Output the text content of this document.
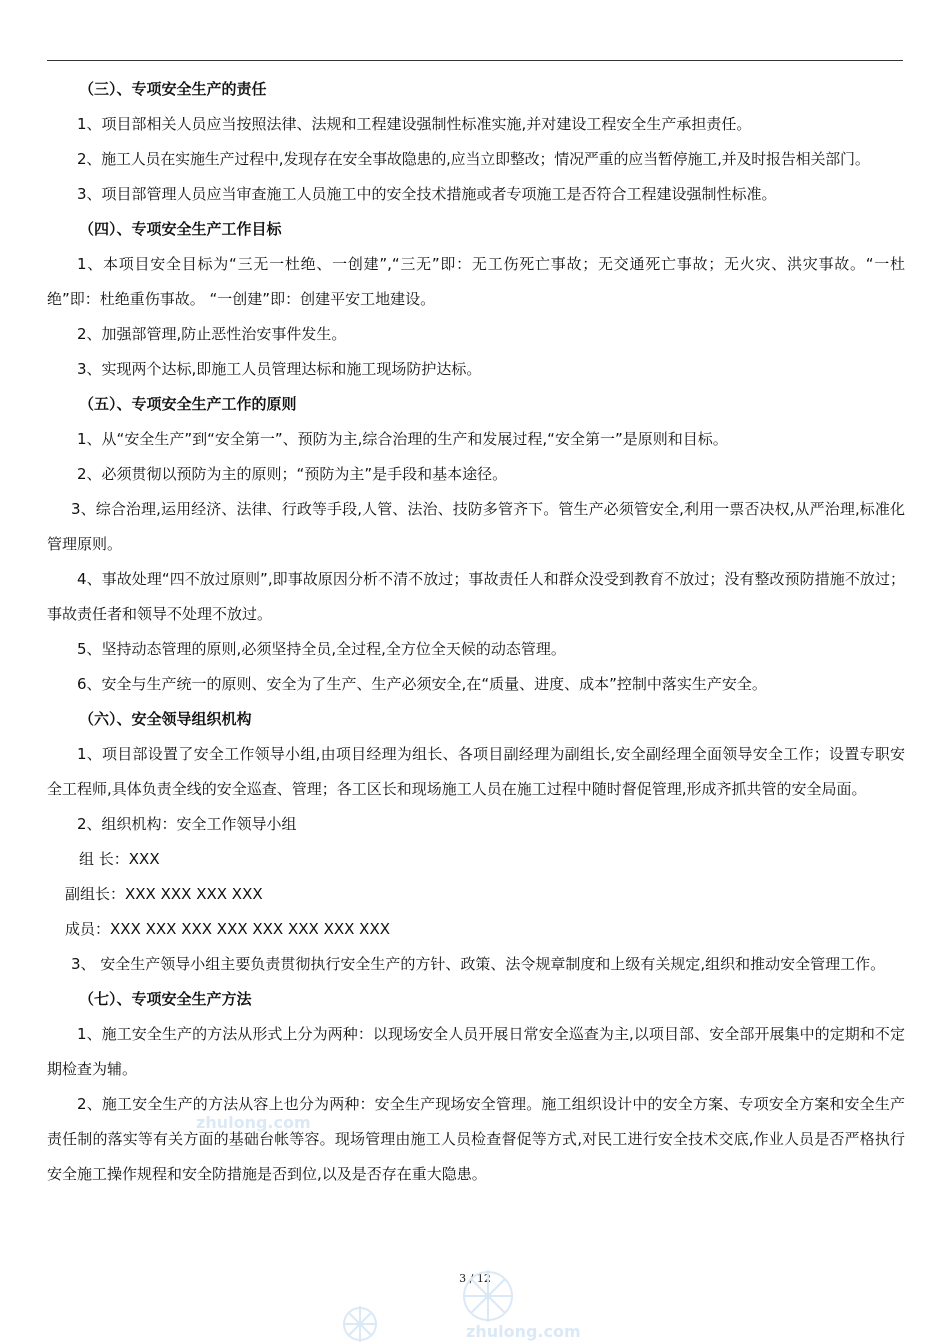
（三）、专项安全生产的责任

1、项目部相关人员应当按照法律、法规和工程建设强制性标准实施,并对建设工程安全生产承担责任。

2、施工人员在实施生产过程中,发现存在安全事故隐患的,应当立即整改；情况严重的应当暂停施工,并及时报告相关部门。

3、项目部管理人员应当审查施工人员施工中的安全技术措施或者专项施工是否符合工程建设强制性标准。

（四）、专项安全生产工作目标

1、本项目安全目标为“三无一杜绝、一创建”,“三无”即：无工伤死亡事故；无交通死亡事故；无火灾、洪灾事故。“一杜绝”即：杜绝重伤事故。 “一创建”即：创建平安工地建设。

2、加强部管理,防止恶性治安事件发生。

3、实现两个达标,即施工人员管理达标和施工现场防护达标。

（五）、专项安全生产工作的原则

1、从“安全生产”到“安全第一”、预防为主,综合治理的生产和发展过程,“安全第一”是原则和目标。

2、必须贯彻以预防为主的原则；“预防为主”是手段和基本途径。

3、综合治理,运用经济、法律、行政等手段,人管、法治、技防多管齐下。管生产必须管安全,利用一票否决权,从严治理,标准化管理原则。

4、事故处理“四不放过原则”,即事故原因分析不清不放过；事故责任人和群众没受到教育不放过；没有整改预防措施不放过；事故责任者和领导不处理不放过。

5、坚持动态管理的原则,必须坚持全员,全过程,全方位全天候的动态管理。

6、安全与生产统一的原则、安全为了生产、生产必须安全,在“质量、进度、成本”控制中落实生产安全。

（六）、安全领导组织机构

1、项目部设置了安全工作领导小组,由项目经理为组长、各项目副经理为副组长,安全副经理全面领导安全工作；设置专职安全工程师,具体负责全线的安全巡查、管理；各工区长和现场施工人员在施工过程中随时督促管理,形成齐抓共管的安全局面。

2、组织机构：安全工作领导小组

组 长：XXX

副组长：XXX XXX XXX XXX

成员：XXX XXX XXX XXX XXX XXX XXX XXX

3、 安全生产领导小组主要负责贯彻执行安全生产的方针、政策、法令规章制度和上级有关规定,组织和推动安全管理工作。

（七）、专项安全生产方法

1、施工安全生产的方法从形式上分为两种：以现场安全人员开展日常安全巡查为主,以项目部、安全部开展集中的定期和不定期检查为辅。

2、施工安全生产的方法从容上也分为两种：安全生产现场安全管理。施工组织设计中的安全方案、专项安全方案和安全生产责任制的落实等有关方面的基础台帐等容。现场管理由施工人员检查督促等方式,对民工进行安全技术交底,作业人员是否严格执行安全施工操作规程和安全防措施是否到位,以及是否存在重大隐患。

3 / 12
zhulong.com
zhulong.com
